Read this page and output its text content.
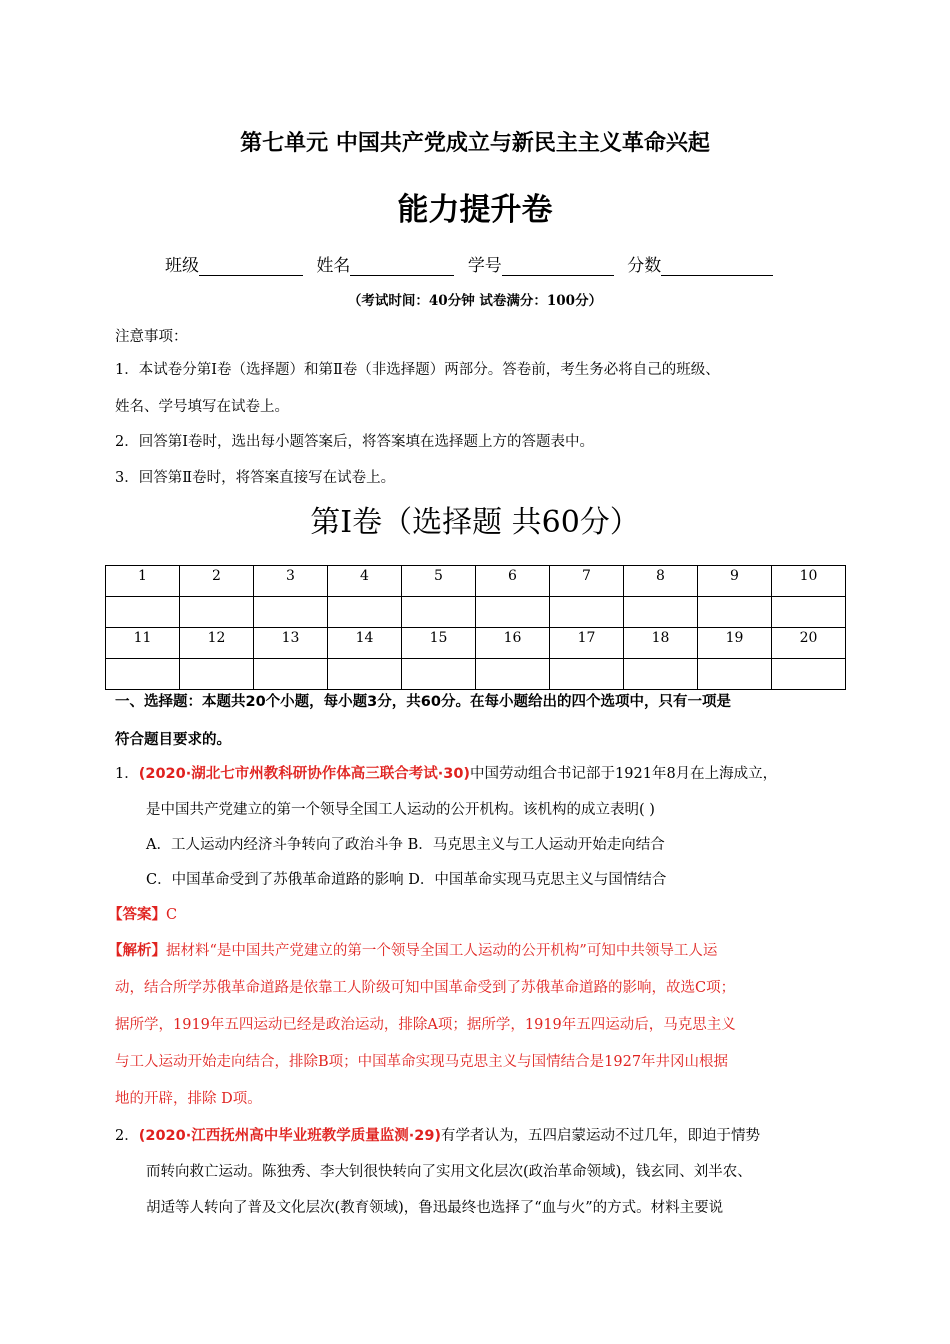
第七单元 中国共产党成立与新民主主义革命兴起
能力提升卷
班级	姓名	学号	分数
（考试时间：40分钟 试卷满分：100分）
注意事项：
1．本试卷分第Ⅰ卷（选择题）和第Ⅱ卷（非选择题）两部分。答卷前，考生务必将自己的班级、
姓名、学号填写在试卷上。
2．回答第Ⅰ卷时，选出每小题答案后，将答案填在选择题上方的答题表中。
3．回答第Ⅱ卷时，将答案直接写在试卷上。
第Ⅰ卷（选择题 共60分）
1	2	3	4	5	6	7	8	9	10

11	12	13	14	15	16	17	18	19	20

一、选择题：本题共20个小题，每小题3分，共60分。在每小题给出的四个选项中，只有一项是
符合题目要求的。
1．(2020·湖北七市州教科研协作体高三联合考试·30)中国劳动组合书记部于1921年8月在上海成立，
是中国共产党建立的第一个领导全国工人运动的公开机构。该机构的成立表明( )
A．工人运动内经济斗争转向了政治斗争 B．马克思主义与工人运动开始走向结合
C．中国革命受到了苏俄革命道路的影响 D．中国革命实现马克思主义与国情结合
【答案】C
【解析】据材料“是中国共产党建立的第一个领导全国工人运动的公开机构”可知中共领导工人运
动，结合所学苏俄革命道路是依靠工人阶级可知中国革命受到了苏俄革命道路的影响，故选C项；
据所学，1919年五四运动已经是政治运动，排除A项；据所学，1919年五四运动后，马克思主义
与工人运动开始走向结合，排除B项；中国革命实现马克思主义与国情结合是1927年井冈山根据
地的开辟，排除 D项。
2．(2020·江西抚州高中毕业班教学质量监测·29)有学者认为，五四启蒙运动不过几年，即迫于情势
而转向救亡运动。陈独秀、李大钊很快转向了实用文化层次(政治革命领域)，钱玄同、刘半农、
胡适等人转向了普及文化层次(教育领域)，鲁迅最终也选择了“血与火”的方式。材料主要说
